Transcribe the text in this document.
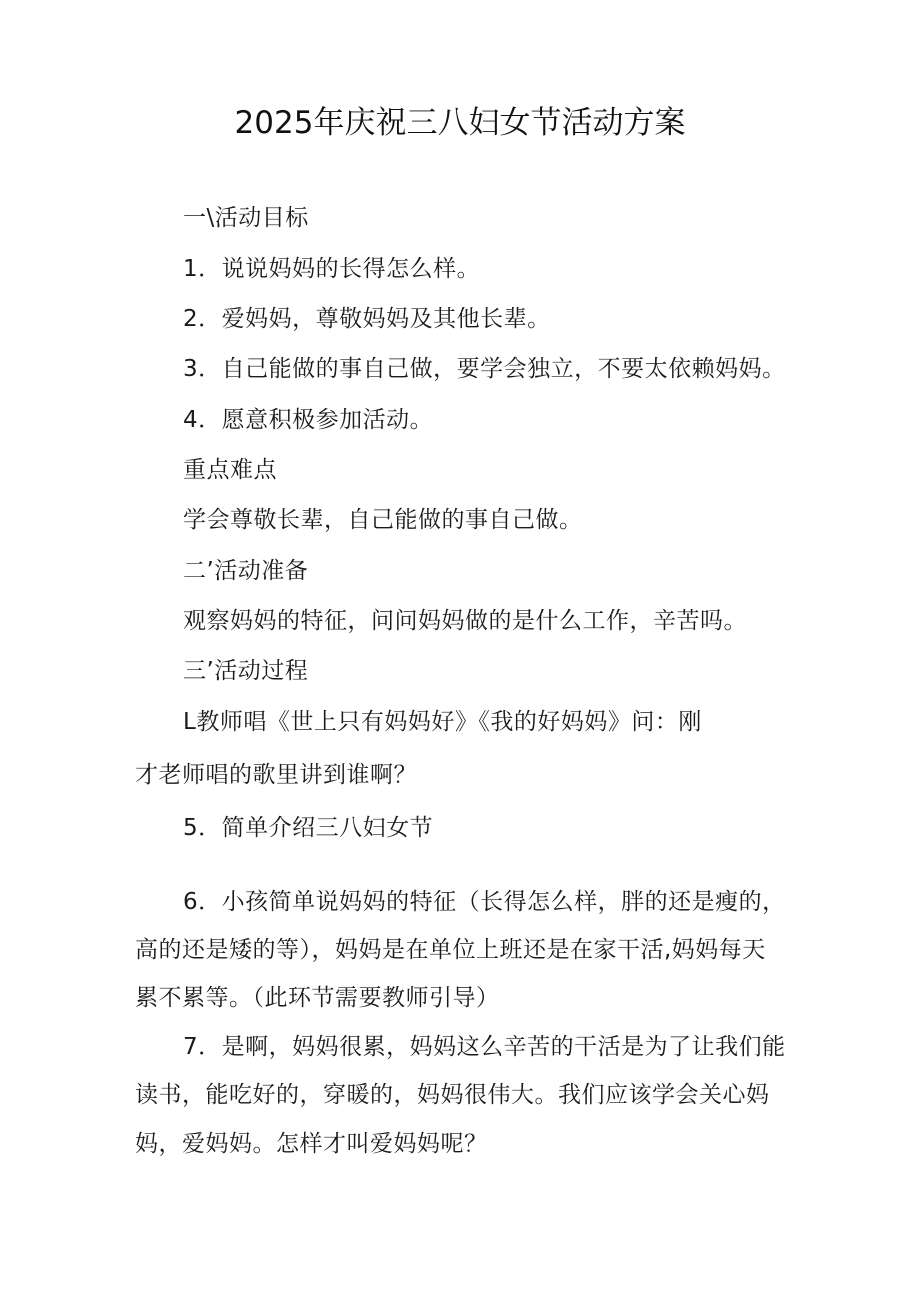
2025年庆祝三八妇女节活动方案
一\活动目标
1．说说妈妈的长得怎么样。
2．爱妈妈，尊敬妈妈及其他长辈。
3．自己能做的事自己做，要学会独立，不要太依赖妈妈。
4．愿意积极参加活动。
重点难点
学会尊敬长辈，自己能做的事自己做。
二’活动准备
观察妈妈的特征，问问妈妈做的是什么工作，辛苦吗。
三’活动过程
L教师唱《世上只有妈妈好》《我的好妈妈》问：刚
才老师唱的歌里讲到谁啊？
5．简单介绍三八妇女节
6．小孩简单说妈妈的特征（长得怎么样，胖的还是瘦的，
高的还是矮的等），妈妈是在单位上班还是在家干活,妈妈每天
累不累等。（此环节需要教师引导）
7．是啊，妈妈很累，妈妈这么辛苦的干活是为了让我们能
读书，能吃好的，穿暖的，妈妈很伟大。我们应该学会关心妈
妈，爱妈妈。怎样才叫爱妈妈呢？
